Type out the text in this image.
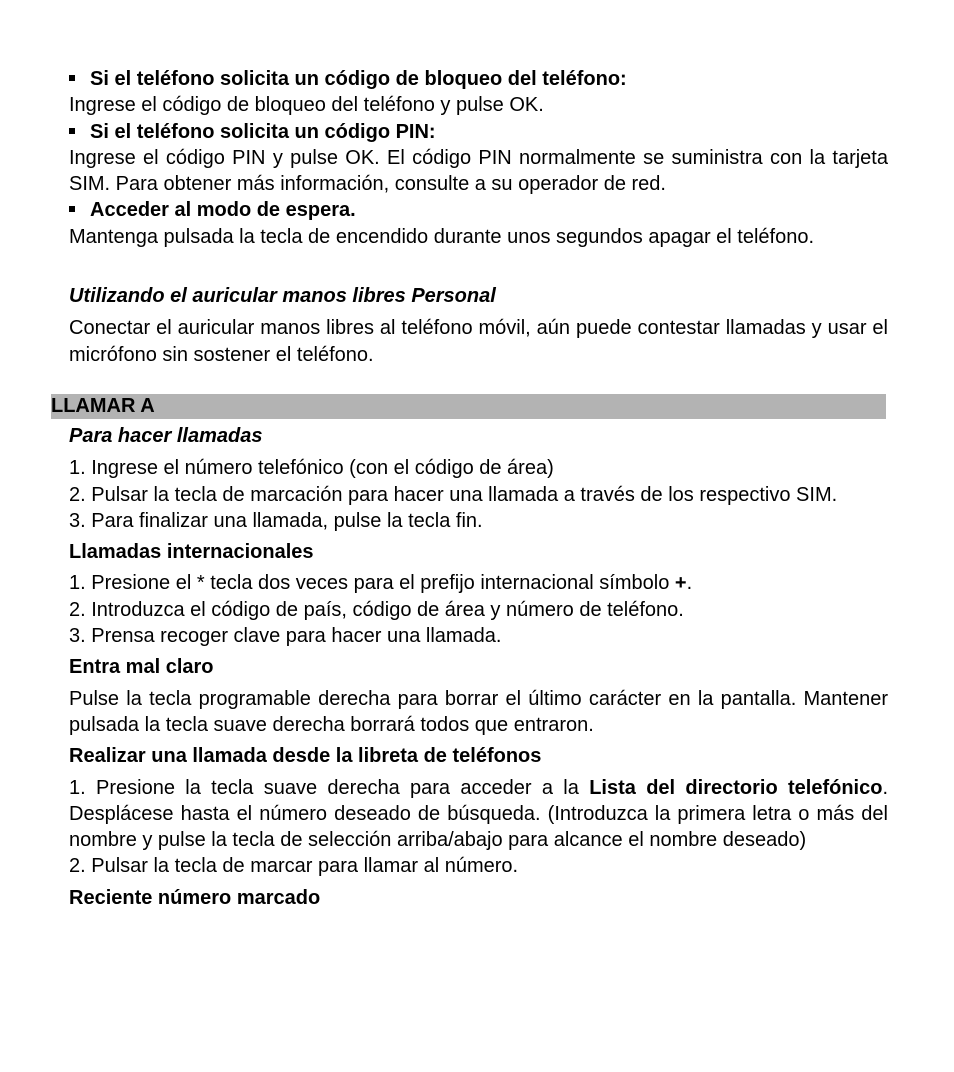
Si el teléfono solicita un código de bloqueo del teléfono:

Ingrese el código de bloqueo del teléfono y pulse OK.

Si el teléfono solicita un código PIN:

Ingrese el código PIN y pulse OK. El código PIN normalmente se suministra con la tarjeta SIM. Para obtener más información, consulte a su operador de red.

Acceder al modo de espera.

Mantenga pulsada la tecla de encendido durante unos segundos apagar el teléfono.

Utilizando el auricular manos libres Personal

Conectar el auricular manos libres al teléfono móvil, aún puede contestar llamadas y usar el micrófono sin sostener el teléfono.

LLAMAR A

Para hacer llamadas

1. Ingrese el número telefónico (con el código de área)

2. Pulsar la tecla de marcación para hacer una llamada a través de los respectivo SIM.

3. Para finalizar una llamada, pulse la tecla fin.

Llamadas internacionales

1. Presione el * tecla dos veces para el prefijo internacional símbolo +.

2. Introduzca el código de país, código de área y número de teléfono.

3. Prensa recoger clave para hacer una llamada.

Entra mal claro

Pulse la tecla programable derecha para borrar el último carácter en la pantalla. Mantener pulsada la tecla suave derecha borrará todos que entraron.

Realizar una llamada desde la libreta de teléfonos

1. Presione la tecla suave derecha para acceder a la Lista del directorio telefónico. Desplácese hasta el número deseado de búsqueda. (Introduzca la primera letra o más del nombre y pulse la tecla de selección arriba/abajo para alcance el nombre deseado)

2. Pulsar la tecla de marcar para llamar al número.

Reciente número marcado
